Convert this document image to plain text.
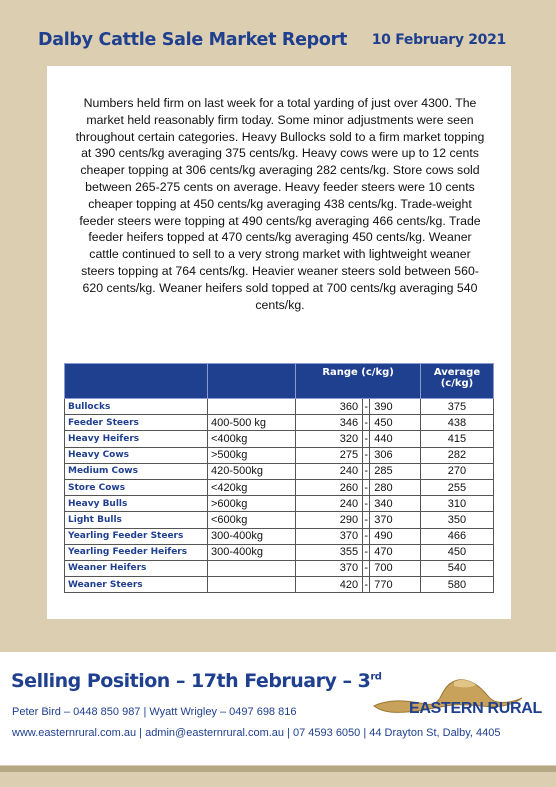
Dalby Cattle Sale Market Report 10 February 2021
Numbers held firm on last week for a total yarding of just over 4300. The market held reasonably firm today. Some minor adjustments were seen throughout certain categories. Heavy Bullocks sold to a firm market topping at 390 cents/kg averaging 375 cents/kg. Heavy cows were up to 12 cents cheaper topping at 306 cents/kg averaging 282 cents/kg. Store cows sold between 265-275 cents on average. Heavy feeder steers were 10 cents cheaper topping at 450 cents/kg averaging 438 cents/kg. Trade-weight feeder steers were topping at 490 cents/kg averaging 466 cents/kg. Trade feeder heifers topped at 470 cents/kg averaging 450 cents/kg. Weaner cattle continued to sell to a very strong market with lightweight weaner steers topping at 764 cents/kg. Heavier weaner steers sold between 560-620 cents/kg. Weaner heifers sold topped at 700 cents/kg averaging 540 cents/kg.
		Range (c/kg)			Average (c/kg)
Bullocks		360	-	390	375
Feeder Steers	400-500 kg	346	-	450	438
Heavy Heifers	<400kg	320	-	440	415
Heavy Cows	>500kg	275	-	306	282
Medium Cows	420-500kg	240	-	285	270
Store Cows	<420kg	260	-	280	255
Heavy Bulls	>600kg	240	-	340	310
Light Bulls	<600kg	290	-	370	350
Yearling Feeder Steers	300-400kg	370	-	490	466
Yearling Feeder Heifers	300-400kg	355	-	470	450
Weaner Heifers		370	-	700	540
Weaner Steers		420	-	770	580
Selling Position – 17th February – 3rd
Peter Bird – 0448 850 987 | Wyatt Wrigley – 0497 698 816
www.easternrural.com.au | admin@easternrural.com.au | 07 4593 6050 | 44 Drayton St, Dalby, 4405
EASTERN RURAL
